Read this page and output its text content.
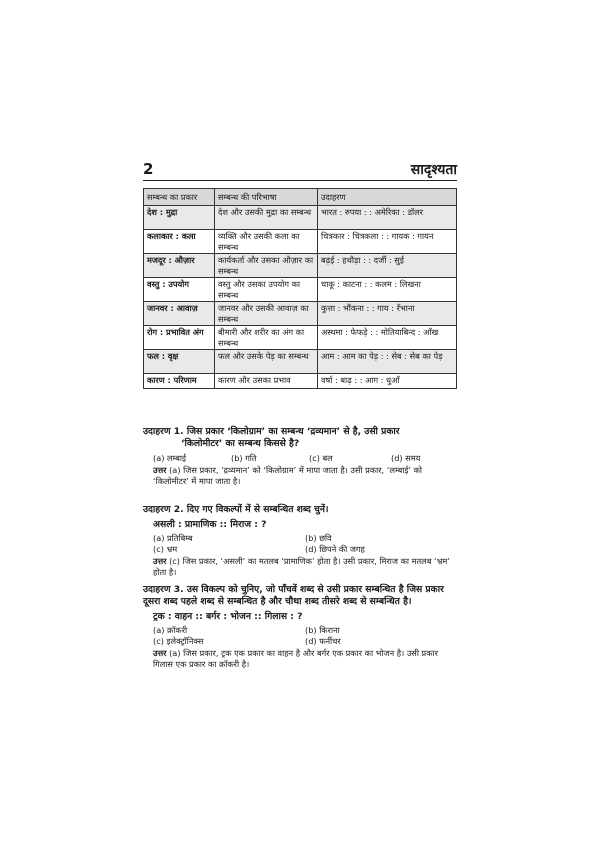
2	सादृश्यता
सम्बन्ध का प्रकार	सम्बन्ध की परिभाषा	उदाहरण
देश : मुद्रा	देश और उसकी मुद्रा का सम्बन्ध	भारत : रुपया : : अमेरिका : डॉलर
कलाकार : कला	व्यक्ति और उसकी कला का सम्बन्ध	चित्रकार : चित्रकला : : गायक : गायन
मजदूर : औज़ार	कार्यकर्ता और उसका औज़ार का सम्बन्ध	बढ़ई : हथौड़ा : : दर्जी : सुई
वस्तु : उपयोग	वस्तु और उसका उपयोग का सम्बन्ध	चाकू : काटना : : कलम : लिखना
जानवर : आवाज़	जानवर और उसकी आवाज़ का सम्बन्ध	कुत्ता : भौंकना : : गाय : रँभाना
रोग : प्रभावित अंग	बीमारी और शरीर का अंग का सम्बन्ध	अस्थमा : फेफड़े : : मोतियाबिन्द : आँख
फल : वृक्ष	फल और उसके पेड़ का सम्बन्ध	आम : आम का पेड़ : : सेब : सेब का पेड़
कारण : परिणाम	कारण और उसका प्रभाव	वर्षा : बाढ़ : : आग : धुआँ
उदाहरण 1. जिस प्रकार ‘किलोग्राम’ का सम्बन्ध ‘द्रव्यमान’ से है, उसी प्रकार
‘किलोमीटर’ का सम्बन्ध किससे है?
(a) लम्बाई	(b) गति	(c) बल	(d) समय
उत्तर (a) जिस प्रकार, ‘द्रव्यमान’ को ‘किलोग्राम’ में मापा जाता है। उसी प्रकार, ‘लम्बाई’ को ‘किलोमीटर’ में मापा जाता है।
उदाहरण 2. दिए गए विकल्पों में से सम्बन्धित शब्द चुनें।
असली : प्रामाणिक :: मिराज : ?
(a) प्रतिबिम्ब	(b) छवि
(c) भ्रम	(d) छिपने की जगह
उत्तर (c) जिस प्रकार, ‘असली’ का मतलब ‘प्रामाणिक’ होता है। उसी प्रकार, मिराज का मतलब ‘भ्रम’ होता है।
उदाहरण 3. उस विकल्प को चुनिए, जो पाँचवें शब्द से उसी प्रकार सम्बन्धित है जिस प्रकार दूसरा शब्द पहले शब्द से सम्बन्धित है और चौथा शब्द तीसरे शब्द से सम्बन्धित है।
ट्रक : वाहन :: बर्गर : भोजन :: गिलास : ?
(a) क्रॉकरी	(b) किराना
(c) इलेक्ट्रॉनिक्स	(d) फर्नीचर
उत्तर (a) जिस प्रकार, ट्रक एक प्रकार का वाहन है और बर्गर एक प्रकार का भोजन है। उसी प्रकार गिलास एक प्रकार का क्रॉकरी है।
